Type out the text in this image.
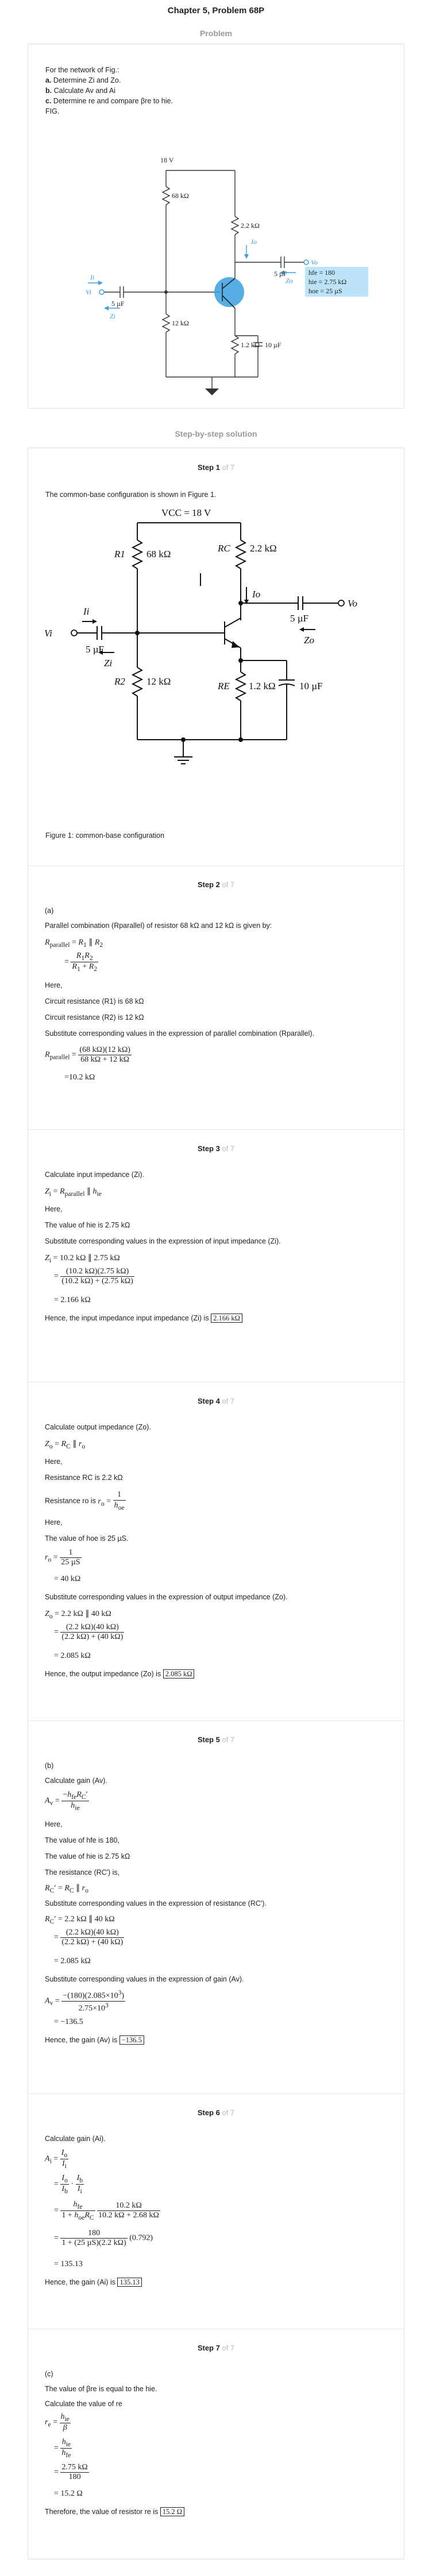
Chapter 5, Problem 68P
Problem

For the network of Fig.:

a. Determine Zi and Zo.

b. Calculate Av and Ai

c. Determine re and compare βre to hie.

FIG.

18 V
68 kΩ
2.2 kΩ
12 kΩ
1.2 kΩ
5 µF
5 µF
10 µF
Vi
Vo
Io
Ii
Zi
Zo
hfe = 180
hie = 2.75 kΩ
hoe = 25 µS
Step-by-step solution
Step 1 of 7
The common-base configuration is shown in Figure 1.
VCC = 18 V
R1 68 kΩ
RC 2.2 kΩ
R2 12 kΩ	RE 1.2 kΩ
5 µF
5 µF
10 µF
Vi
Vo
Ii
Io
Zi
Zo
Figure 1: common-base configuration
Step 2 of 7
(a)
Parallel combination (Rparallel) of resistor 68 kΩ and 12 kΩ is given by:
$R_{parallel} = R_1$ ∥ $R_2$
= $\frac{R_1R_2}{R_1 + R_2}$
Here,
Circuit resistance (R1) is 68 kΩ
Circuit resistance (R2) is 12 kΩ
Substitute corresponding values in the expression of parallel combination (Rparallel).
$R_{parallel} = \frac{(68 k\Omega)(12 k\Omega)}{68 k\Omega + 12 k\Omega}$
=10.2 kΩ
Step 3 of 7
Calculate input impedance (Zi).
$Z_i = R_{parallel}$ ∥ $h_{ie}$
Here,
The value of hie is 2.75 kΩ
Substitute corresponding values in the expression of input impedance (Zi).
$Z_i = 10.2$ kΩ ∥ 2.75 kΩ
= $\frac{(10.2 k\Omega)(2.75 k\Omega)}{(10.2 k\Omega) + (2.75 k\Omega)}$
= 2.166 kΩ
Hence, the input impedance input impedance (Zi) is 2.166 kΩ
Step 4 of 7
Calculate output impedance (Zo).
$Z_o = R_C$ ∥ $r_o$
Here,
Resistance RC is 2.2 kΩ
Resistance ro is $r_o = \frac{1}{h_{oe}}$
Here,
The value of hoe is 25 µS.
$r_o = \frac{1}{\text{25 µS}}$
= 40 kΩ
Substitute corresponding values in the expression of output impedance (Zo).
$Z_o = 2.2$ kΩ ∥ 40 kΩ
= $\frac{(2.2 k\Omega)(40 k\Omega)}{(2.2 k\Omega) + (40 k\Omega)}$
= 2.085 kΩ
Hence, the output impedance (Zo) is 2.085 kΩ
Step 5 of 7
(b)
Calculate gain (Av).
$A_v = \frac{-h_{fe}R_C'}{h_{ie}}$
Here,
The value of hfe is 180,
The value of hie is 2.75 kΩ
The resistance (RC′) is,
$R_C' = R_C$ ∥ $r_o$
Substitute corresponding values in the expression of resistance (RC′).
$R_C' = 2.2$ kΩ ∥ 40 kΩ
= $\frac{(2.2 k\Omega)(40 k\Omega)}{(2.2 k\Omega) + (40 k\Omega)}$
= 2.085 kΩ
Substitute corresponding values in the expression of gain (Av).
$A_v = \frac{-(180)(2.085\times 10^3)}{2.75\times 10^3}$
= −136.5
Hence, the gain (Av) is −136.5
Step 6 of 7
Calculate gain (Ai).
$A_i = \frac{I_o}{I_i}$
= $\frac{I_o}{I_b} \cdot \frac{I_b}{I_i}$
= $\frac{h_{fe}}{1 + h_{oe}R_C}$
$\frac{10.2 k\Omega}{10.2 k\Omega + 2.68 k\Omega}$
= $\frac{180}{\text{1 + (25 µS)(2.2 kΩ)}} (0.792)$
= 135.13
Hence, the gain (Ai) is 135.13
Step 7 of 7
(c)
The value of βre is equal to the hie.
Calculate the value of re
$r_e = \frac{h_{ie}}{\beta}$
= $\frac{h_{ie}}{h_{fe}}$
= $\frac{2.75 k\Omega}{180}$
= 15.2 Ω
Therefore, the value of resistor re is 15.2 Ω
